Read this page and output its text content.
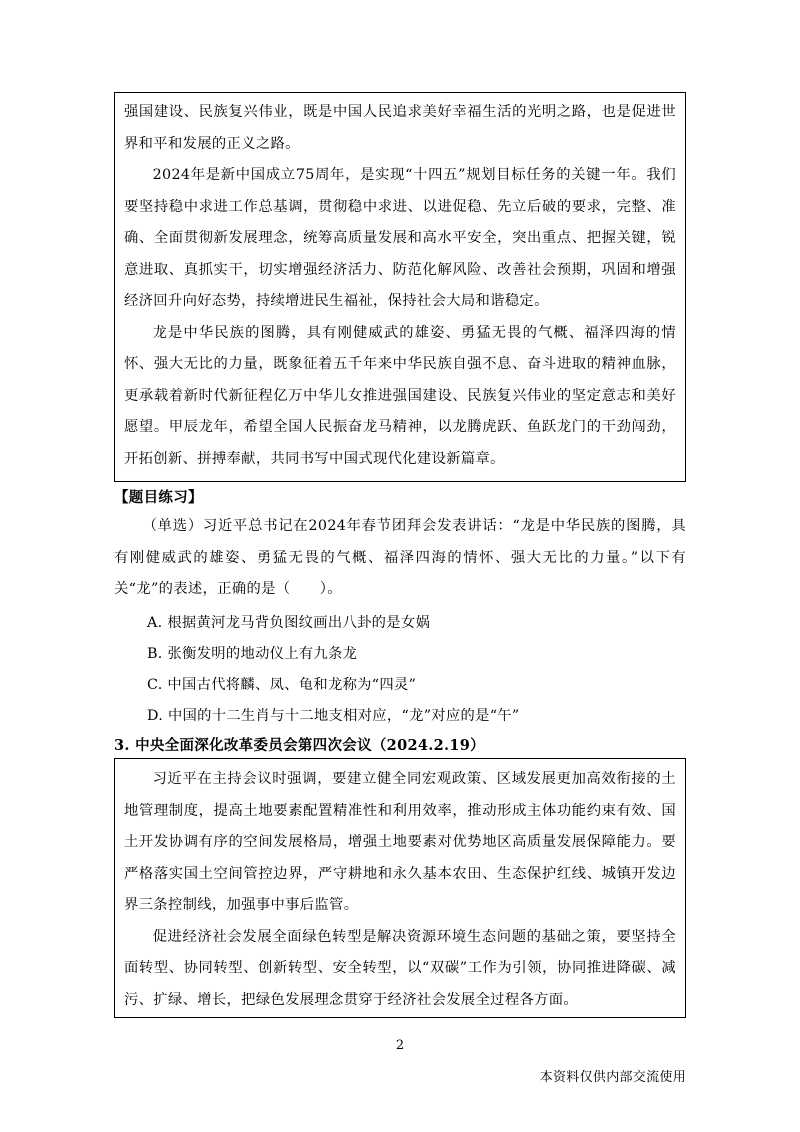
强国建设、民族复兴伟业，既是中国人民追求美好幸福生活的光明之路，也是促进世界和平和发展的正义之路。

2024年是新中国成立75周年，是实现“十四五”规划目标任务的关键一年。我们要坚持稳中求进工作总基调，贯彻稳中求进、以进促稳、先立后破的要求，完整、准确、全面贯彻新发展理念，统筹高质量发展和高水平安全，突出重点、把握关键，锐意进取、真抓实干，切实增强经济活力、防范化解风险、改善社会预期，巩固和增强经济回升向好态势，持续增进民生福祉，保持社会大局和谐稳定。

龙是中华民族的图腾，具有刚健威武的雄姿、勇猛无畏的气概、福泽四海的情怀、强大无比的力量，既象征着五千年来中华民族自强不息、奋斗进取的精神血脉，更承载着新时代新征程亿万中华儿女推进强国建设、民族复兴伟业的坚定意志和美好愿望。甲辰龙年，希望全国人民振奋龙马精神，以龙腾虎跃、鱼跃龙门的干劲闯劲，开拓创新、拼搏奉献，共同书写中国式现代化建设新篇章。

【题目练习】

（单选）习近平总书记在2024年春节团拜会发表讲话：“龙是中华民族的图腾，具有刚健威武的雄姿、勇猛无畏的气概、福泽四海的情怀、强大无比的力量。”以下有关“龙”的表述，正确的是（　　）。

A. 根据黄河龙马背负图纹画出八卦的是女娲
B. 张衡发明的地动仪上有九条龙
C. 中国古代将麟、凤、龟和龙称为“四灵”
D. 中国的十二生肖与十二地支相对应，“龙”对应的是“午”
3. 中央全面深化改革委员会第四次会议（2024.2.19）

习近平在主持会议时强调，要建立健全同宏观政策、区域发展更加高效衔接的土地管理制度，提高土地要素配置精准性和利用效率，推动形成主体功能约束有效、国土开发协调有序的空间发展格局，增强土地要素对优势地区高质量发展保障能力。要严格落实国土空间管控边界，严守耕地和永久基本农田、生态保护红线、城镇开发边界三条控制线，加强事中事后监管。

促进经济社会发展全面绿色转型是解决资源环境生态问题的基础之策，要坚持全面转型、协同转型、创新转型、安全转型，以“双碳”工作为引领，协同推进降碳、减污、扩绿、增长，把绿色发展理念贯穿于经济社会发展全过程各方面。

2
本资料仅供内部交流使用
